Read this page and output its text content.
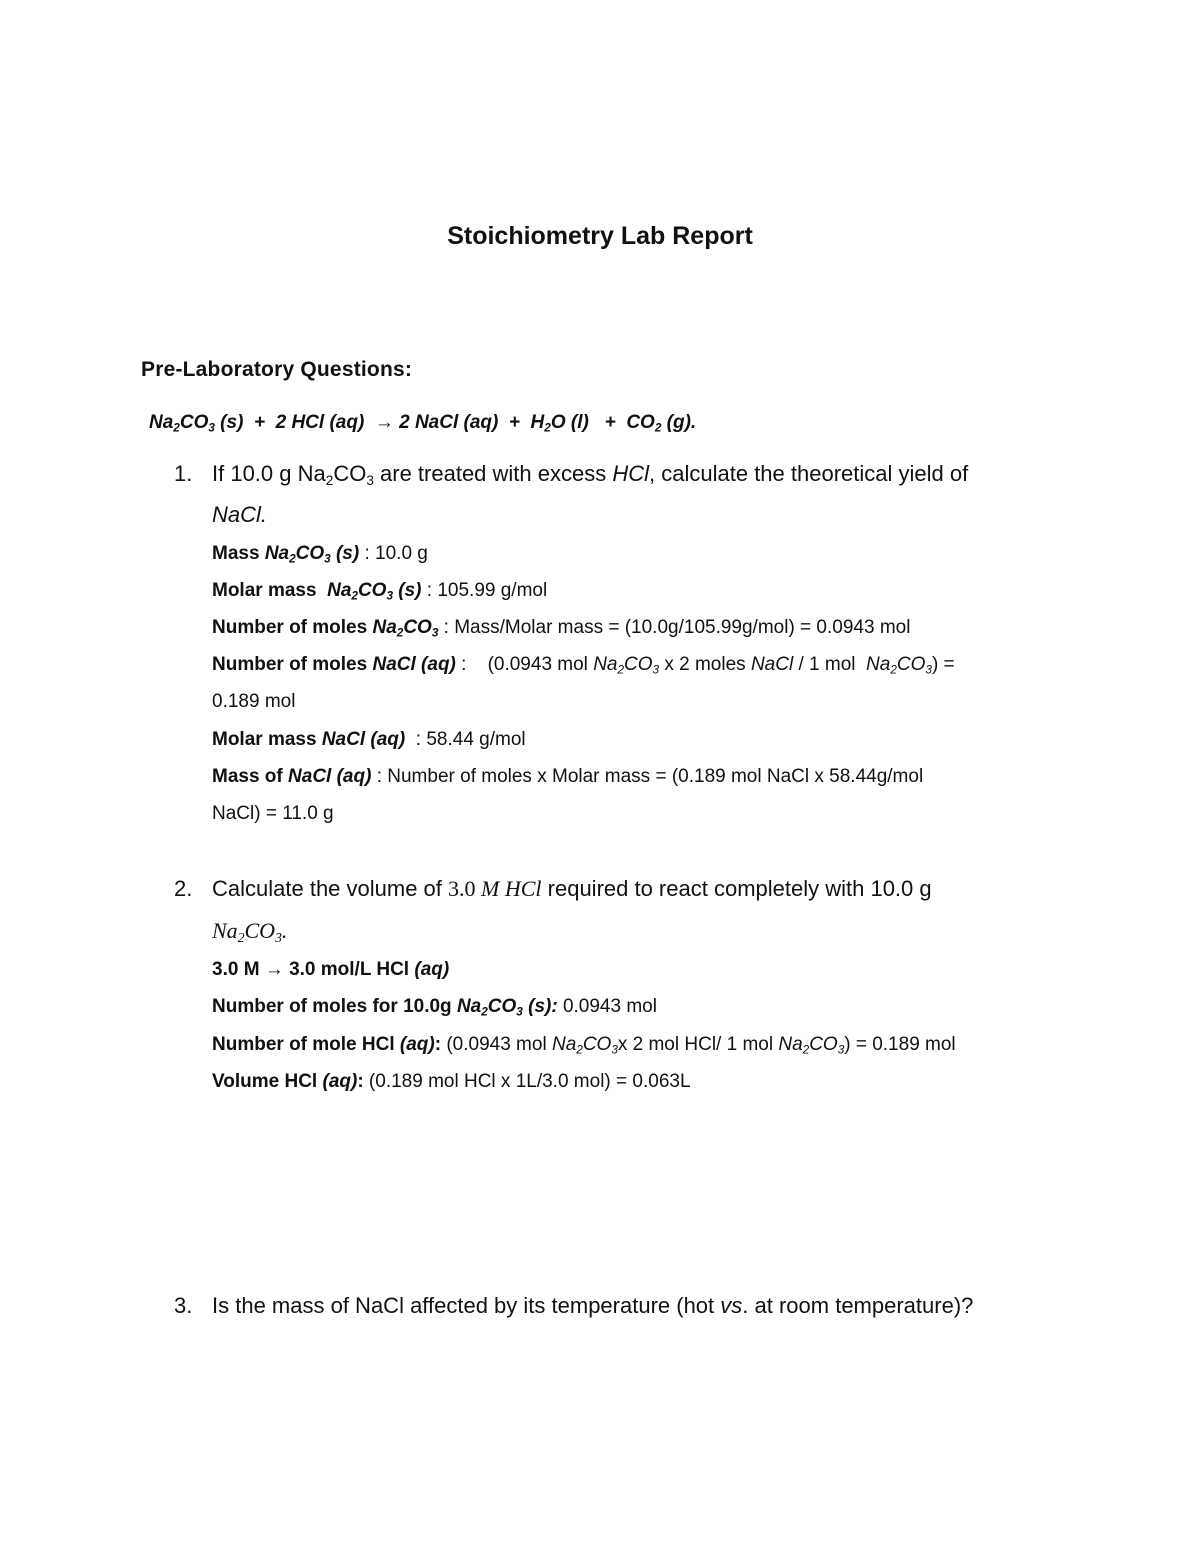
Stoichiometry Lab Report
Pre-Laboratory Questions:
$Na_2CO_3$ (s)  +  2 HCl (aq)  → 2 NaCl $(aq) + H_2O$ $(l) + CO_2$ (g).
1. If 10.0 g $Na_2CO_3$ are treated with excess HCl, calculate the theoretical yield of
NaCl.
Mass $Na_2CO_3$ (s) : 10.0 g
Molar mass  $Na_2CO_3$ (s) : 105.99 g/mol
Number of moles $Na_2CO_3$ : Mass/Molar mass = (10.0g/105.99g/mol) = 0.0943 mol
Number of moles NaCl (aq) :    (0.0943 mol $Na_2CO_3$ x 2 moles NaCl / 1 mol  $Na_2CO_3$) =
0.189 mol
Molar mass NaCl (aq)  : 58.44 g/mol
Mass of NaCl (aq) : Number of moles x Molar mass = (0.189 mol NaCl x 58.44g/mol
NaCl) = 11.0 g
2. Calculate the volume of 3.0 M HCl required to react completely with 10.0 g
$Na_2CO_3$.
3.0 M → 3.0 mol/L HCl (aq)
Number of moles for 10.0g $Na_2CO_3$ (s): 0.0943 mol
Number of mole HCl (aq): (0.0943 mol $Na_2CO_3x$ 2 mol HCl/ 1 mol $Na_2CO_3) = 0.189$ mol
Volume HCl (aq): (0.189 mol HCl x 1L/3.0 mol) = 0.063L
3. Is the mass of NaCl affected by its temperature (hot vs. at room temperature)?
